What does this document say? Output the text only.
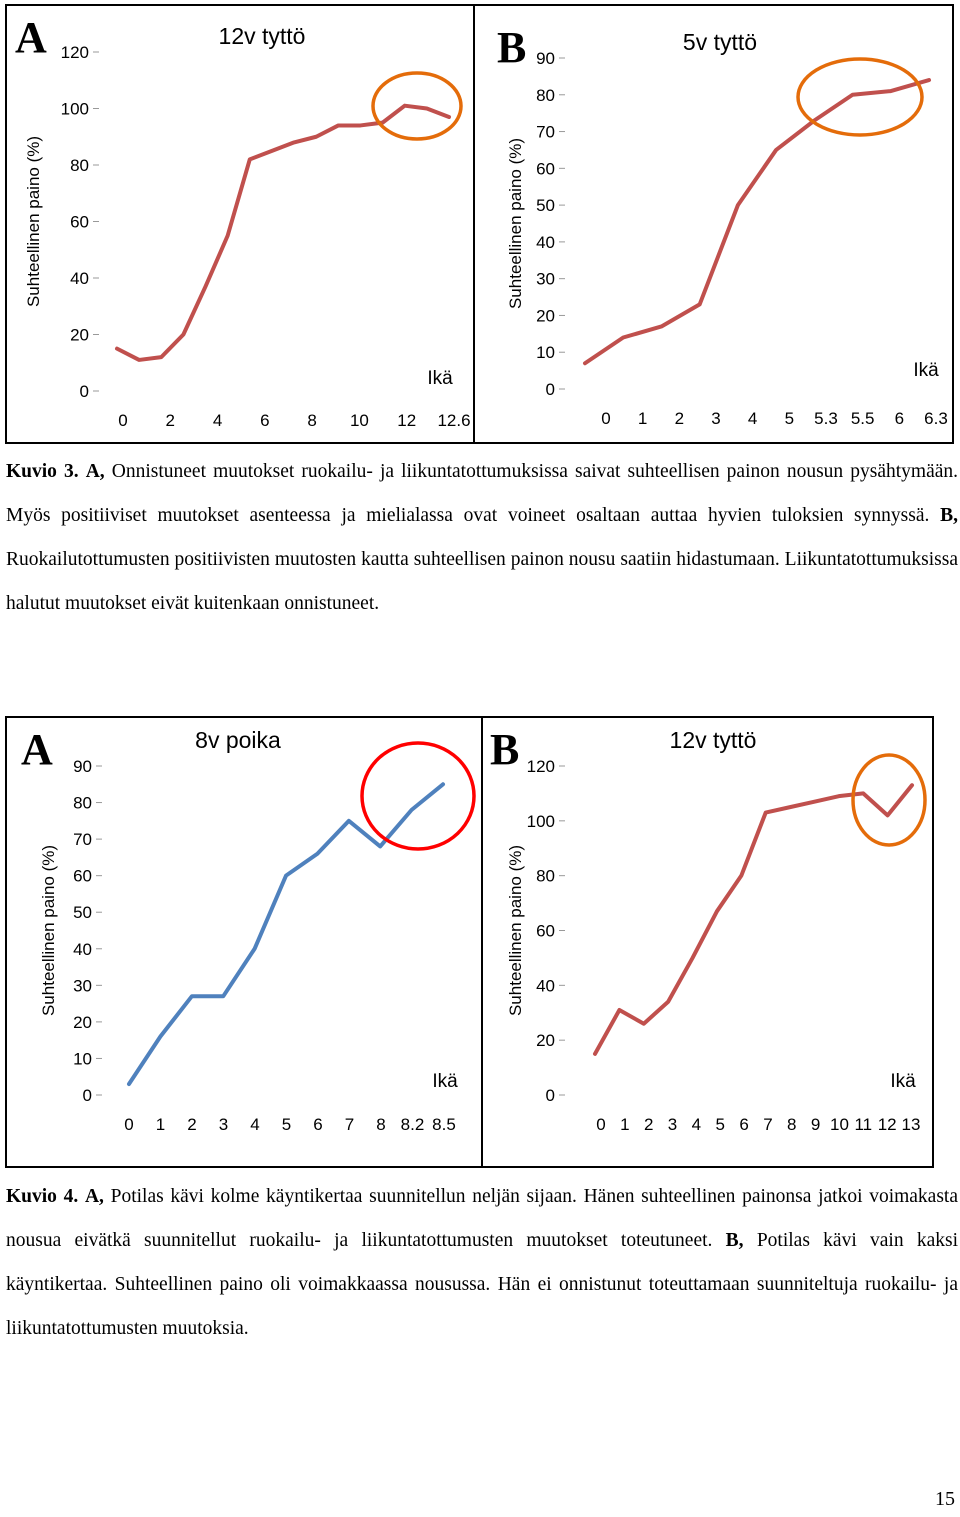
A	12v tyttö
Suhteellinen paino (%)
0
20
40
60
80
100
120
0 2 4 6 8 10 12 12.6
Ikä
B	5v tyttö
Suhteellinen paino (%)
0
10
20
30
40
50
60
70
80
90
0 1 2 3 4 5 5.3 5.5 6 6.3
Ikä
Kuvio 3. A, Onnistuneet muutokset ruokailu- ja liikuntatottumuksissa saivat suhteellisen painon nousun pysähtymään. Myös positiiviset muutokset asenteessa ja mielialassa ovat voineet osaltaan auttaa hyvien tuloksien synnyssä. B, Ruokailutottumusten positiivisten muutosten kautta suhteellisen painon nousu saatiin hidastumaan. Liikuntatottumuksissa halutut muutokset eivät kuitenkaan onnistuneet.
A	8v poika
Suhteellinen paino (%)
0
10
20
30
40
50
60
70
80
90
0 1 2 3 4 5 6 7 8 8.2 8.5
Ikä
B	12v tyttö
Suhteellinen paino (%)
0
20
40
60
80
100
120
0 1 2 3 4 5 6 7 8 9 10 11 12 13
Ikä
Kuvio 4. A, Potilas kävi kolme käyntikertaa suunnitellun neljän sijaan. Hänen suhteellinen painonsa jatkoi voimakasta nousua eivätkä suunnitellut ruokailu- ja liikuntatottumusten muutokset toteutuneet. B, Potilas kävi vain kaksi käyntikertaa. Suhteellinen paino oli voimakkaassa nousussa. Hän ei onnistunut toteuttamaan suunniteltuja ruokailu- ja liikuntatottumusten muutoksia.
15
